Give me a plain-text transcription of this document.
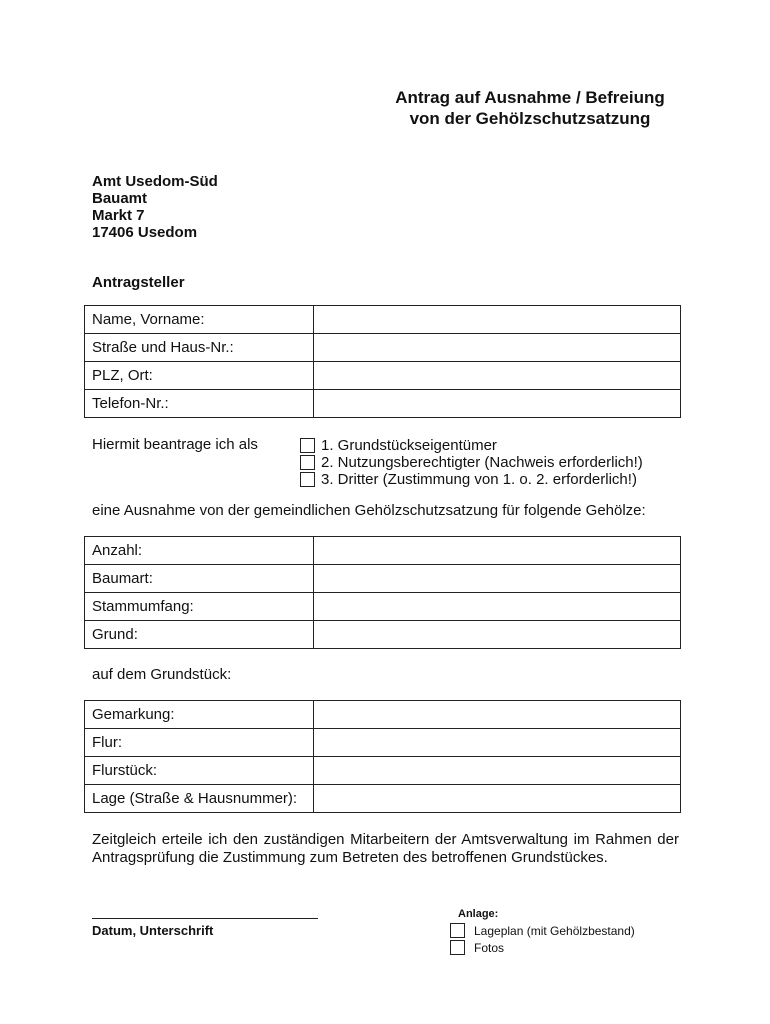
Antrag auf Ausnahme / Befreiung
von der Gehölzschutzsatzung
Amt Usedom-Süd
Bauamt
Markt 7
17406 Usedom
Antragsteller
Name, Vorname:	
Straße und Haus-Nr.:	
PLZ, Ort:	
Telefon-Nr.:	
Hiermit beantrage ich als	1. Grundstückseigentümer
2. Nutzungsberechtigter (Nachweis erforderlich!)
3. Dritter (Zustimmung von 1. o. 2. erforderlich!)
eine Ausnahme von der gemeindlichen Gehölzschutzsatzung für folgende Gehölze:
Anzahl:	
Baumart:	
Stammumfang:	
Grund:	
auf dem Grundstück:
Gemarkung:	
Flur:	
Flurstück:	
Lage (Straße & Hausnummer):	
Zeitgleich erteile ich den zuständigen Mitarbeitern der Amtsverwaltung im Rahmen der Antragsprüfung die Zustimmung zum Betreten des betroffenen Grundstückes.
Datum, Unterschrift
Anlage:
Lageplan (mit Gehölzbestand)
Fotos
